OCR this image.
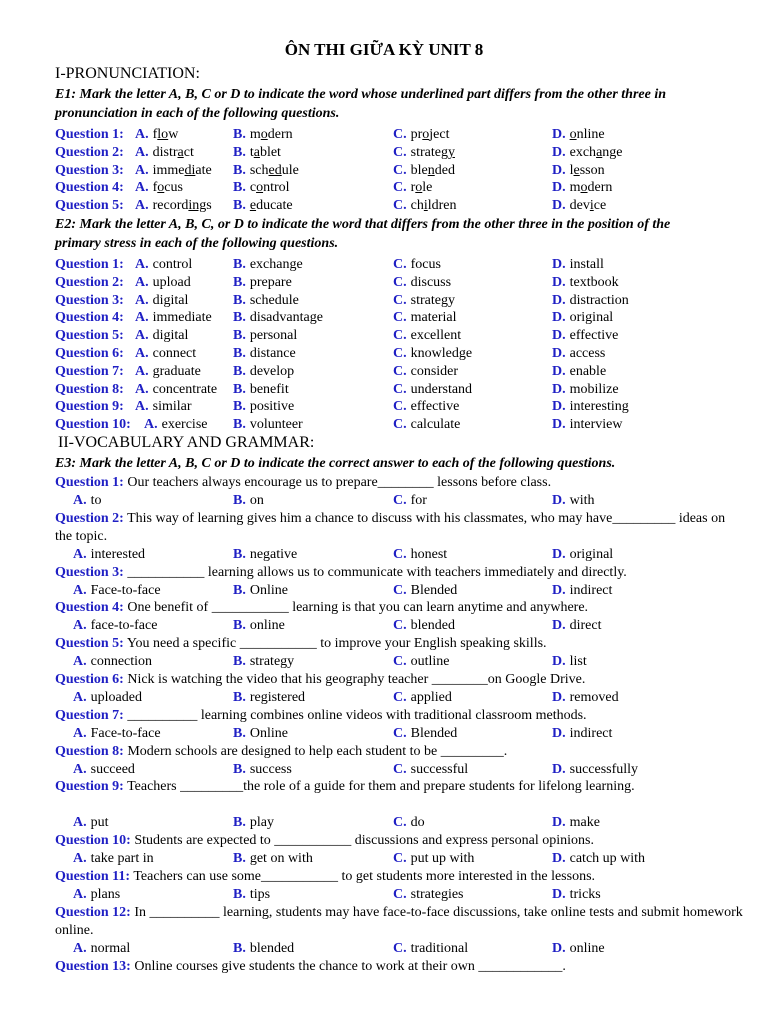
ÔN THI GIỮA KỲ UNIT 8
I-PRONUNCIATION:
E1: Mark the letter A, B, C or D to indicate the word whose underlined part differs from the other three in pronunciation in each of the following questions.
Question 1: A. flow	B. modern	C. project	D. online
Question 2: A. distract	B. tablet	C. strategy	D. exchange
Question 3: A. immediate B. schedule	C. blended	D. lesson
Question 4: A. focus	B. control	C. role	D. modern
Question 5: A. recordings B. educate	C. children	D. device
E2: Mark the letter A, B, C, or D to indicate the word that differs from the other three in the position of the primary stress in each of the following questions.
Question 1: A. control	B. exchange	C. focus	D. install
Question 2: A. upload	B. prepare	C. discuss	D. textbook
Question 3: A. digital	B. schedule	C. strategy	D. distraction
Question 4: A. immediate B. disadvantage	C. material	D. original
Question 5: A. digital	B. personal	C. excellent	D. effective
Question 6: A. connect	B. distance	C. knowledge	D. access
Question 7: A. graduate B. develop	C. consider	D. enable
Question 8: A. concentrate B. benefit	C. understand	D. mobilize
Question 9: A. similar	B. positive	C. effective	D. interesting
Question 10: A. exercise B. volunteer	C. calculate	D. interview
II-VOCABULARY AND GRAMMAR:
E3: Mark the letter A, B, C or D to indicate the correct answer to each of the following questions.
Question 1: Our teachers always encourage us to prepare________ lessons before class.
A. to	B. on	C. for	D. with
Question 2: This way of learning gives him a chance to discuss with his classmates, who may have_________ ideas on the topic.
A. interested	B. negative	C. honest	D. original
Question 3: ___________ learning allows us to communicate with teachers immediately and directly.
A. Face-to-face	B. Online	C. Blended	D. indirect
Question 4: One benefit of ___________ learning is that you can learn anytime and anywhere.
A. face-to-face	B. online	C. blended	D. direct
Question 5: You need a specific ___________ to improve your English speaking skills.
A. connection	B. strategy	C. outline	D. list
Question 6: Nick is watching the video that his geography teacher ________on Google Drive.
A. uploaded	B. registered	C. applied	D. removed
Question 7: __________ learning combines online videos with traditional classroom methods.
A. Face-to-face	B. Online	C. Blended	D. indirect
Question 8: Modern schools are designed to help each student to be _________.
A. succeed	B. success	C. successful	D. successfully
Question 9: Teachers _________the role of a guide for them and prepare students for lifelong learning.
A. put	B. play	C. do	D. make
Question 10: Students are expected to ___________ discussions and express personal opinions.
A. take part in	B. get on with	C. put up with	D. catch up with
Question 11: Teachers can use some___________ to get students more interested in the lessons.
A. plans	B. tips	C. strategies	D. tricks
Question 12: In __________ learning, students may have face-to-face discussions, take online tests and submit homework online.
A. normal	B. blended	C. traditional	D. online
Question 13: Online courses give students the chance to work at their own ____________.
